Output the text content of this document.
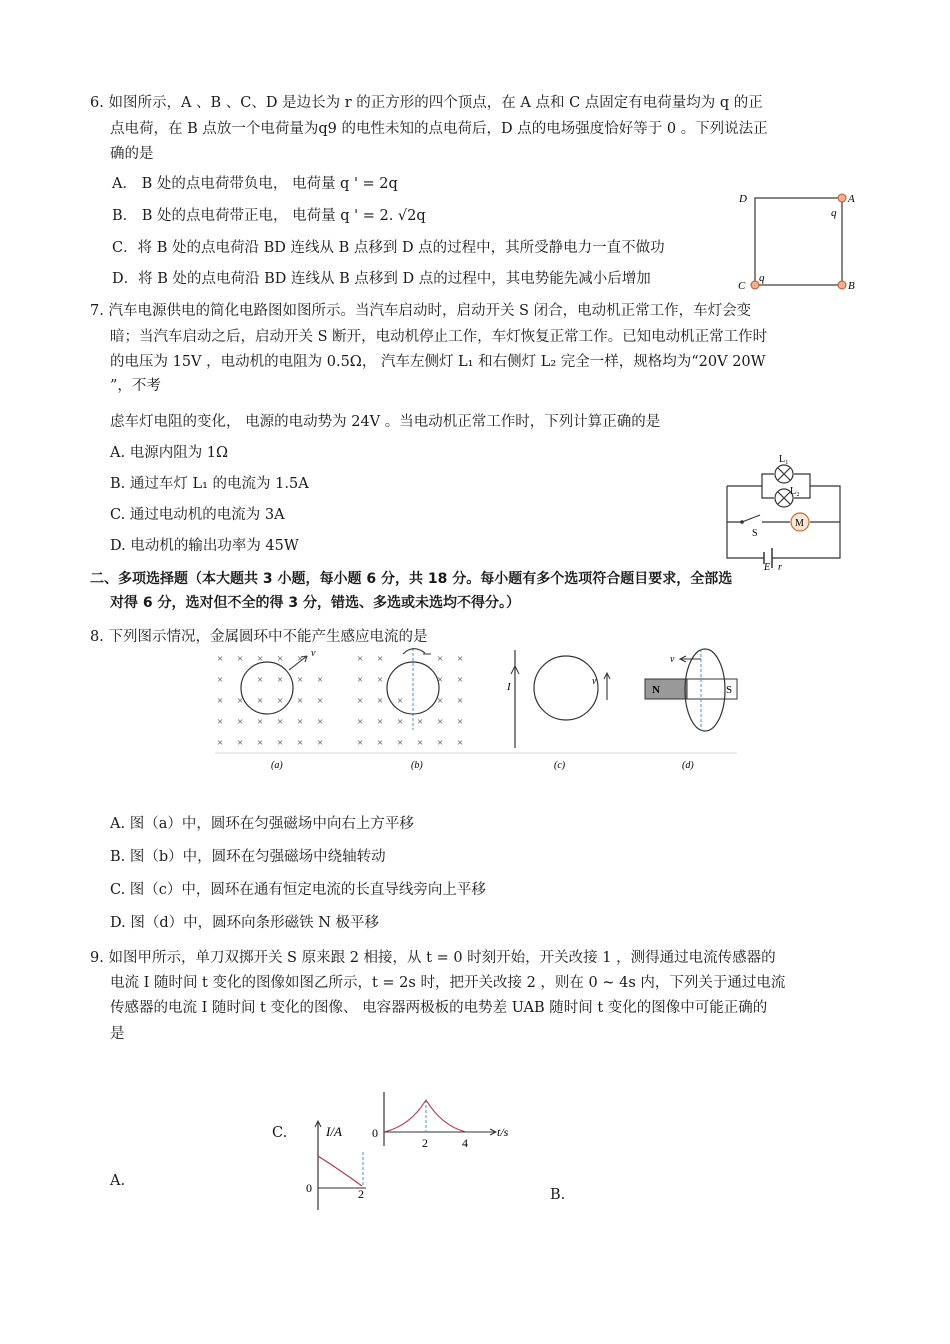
6. 如图所示，A 、B 、C、D 是边长为 r 的正方形的四个顶点，在 A 点和 C 点固定有电荷量均为 q 的正
点电荷，在 B 点放一个电荷量为q9 的电性未知的点电荷后，D 点的电场强度恰好等于 0 。下列说法正
确的是
A． B 处的点电荷带负电， 电荷量 q ' = 2q
B． B 处的点电荷带正电， 电荷量 q ' = 2. √2q
C．将 B 处的点电荷沿 BD 连线从 B 点移到 D 点的过程中，其所受静电力一直不做功
D．将 B 处的点电荷沿 BD 连线从 B 点移到 D 点的过程中，其电势能先减小后增加
D	A
q
C
q
B
7. 汽车电源供电的简化电路图如图所示。当汽车启动时，启动开关 S 闭合，电动机正常工作，车灯会变
暗；当汽车启动之后，启动开关 S 断开，电动机停止工作，车灯恢复正常工作。已知电动机正常工作时
的电压为 15V ，电动机的电阻为 0.5Ω， 汽车左侧灯 L₁ 和右侧灯 L₂ 完全一样，规格均为“20V 20W
”，不考
虑车灯电阻的变化， 电源的电动势为 24V 。当电动机正常工作时，下列计算正确的是
A. 电源内阻为 1Ω
B. 通过车灯 L₁ 的电流为 1.5A
C. 通过电动机的电流为 3A
D. 电动机的输出功率为 45W
L₁
L₂
M
S
E r
二、多项选择题（本大题共 3 小题，每小题 6 分，共 18 分。每小题有多个选项符合题目要求，全部选
对得 6 分，选对但不全的得 3 分，错选、多选或未选均不得分。）
8. 下列图示情况，金属圆环中不能产生感应电流的是
× × × × ×
×	× × × ×
× × × × × ×
× × × × × ×
× × × × × ×
v	× ×	× ×
× ×	× ×
× × ×	× ×
× × × × × ×
× × × × × ×
I	v
N	S
v
(a)	(b)	(c)	(d)
A. 图（a）中，圆环在匀强磁场中向右上方平移
B. 图（b）中，圆环在匀强磁场中绕轴转动
C. 图（c）中，圆环在通有恒定电流的长直导线旁向上平移
D. 图（d）中，圆环向条形磁铁 N 极平移
9. 如图甲所示，单刀双掷开关 S 原来跟 2 相接，从 t = 0 时刻开始，开关改接 1 ，测得通过电流传感器的
电流 I 随时间 t 变化的图像如图乙所示，t = 2s 时，把开关改接 2 ，则在 0 ~ 4s 内，下列关于通过电流
传感器的电流 I 随时间 t 变化的图像、 电容器两极板的电势差 UAB 随时间 t 变化的图像中可能正确的
是
C.
A.
B.
0
2	4
t/s
I/A
0	2
